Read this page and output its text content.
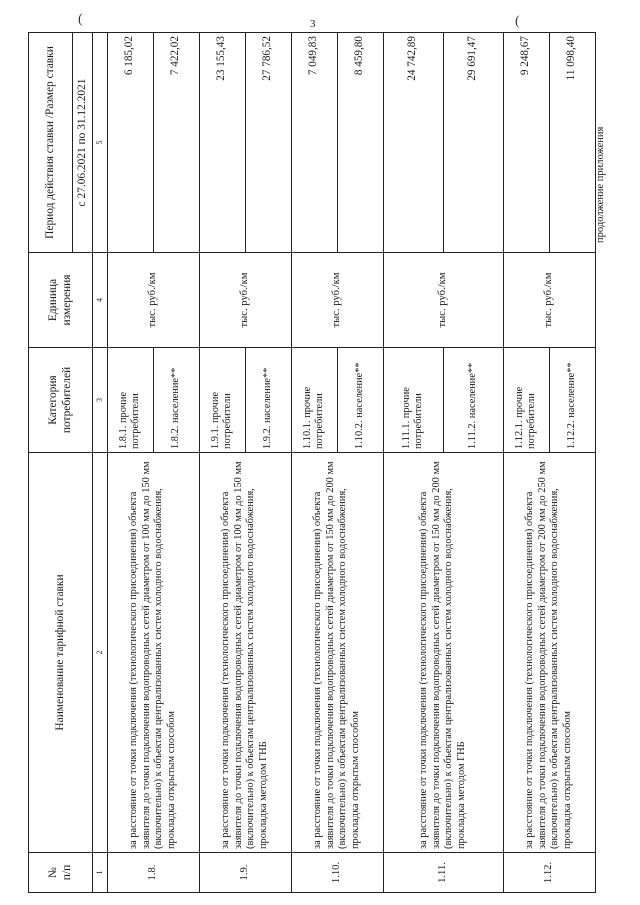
3
(	(
продолжение приложения
№
п/п	Наименование тарифной ставки	Категория потребителей	Единица измерения	Период действия ставки /Размер ставки
				с 27.06.2021 по 31.12.2021
1	2	3	4	5
1.8.	за расстояние от точки подключения (технологического присоединения) объекта заявителя до точки подключения водопроводных сетей диаметром от 100 мм до 150 мм (включительно) к объектам централизованных систем холодного водоснабжения, прокладка открытым способом	1.8.1. прочие потребители	тыс. руб./км	6 185,02
		1.8.2. население**		7 422,02
1.9.	за расстояние от точки подключения (технологического присоединения) объекта заявителя до точки подключения водопроводных сетей диаметром от 100 мм до 150 мм (включительно) к объектам централизованных систем холодного водоснабжения, прокладка методом ГНБ	1.9.1. прочие потребители	тыс. руб./км	23 155,43
		1.9.2. население**		27 786,52
1.10.	за расстояние от точки подключения (технологического присоединения) объекта заявителя до точки подключения водопроводных сетей диаметром от 150 мм до 200 мм (включительно) к объектам централизованных систем холодного водоснабжения, прокладка открытым способом	1.10.1. прочие потребители	тыс. руб./км	7 049,83
		1.10.2. население**		8 459,80
1.11.	за расстояние от точки подключения (технологического присоединения) объекта заявителя до точки подключения водопроводных сетей диаметром от 150 мм до 200 мм (включительно) к объектам централизованных систем холодного водоснабжения, прокладка методом ГНБ	1.11.1. прочие потребители	тыс. руб./км	24 742,89
		1.11.2. население**		29 691,47
1.12.	за расстояние от точки подключения (технологического присоединения) объекта заявителя до точки подключения водопроводных сетей диаметром от 200 мм до 250 мм (включительно) к объектам централизованных систем холодного водоснабжения, прокладка открытым способом	1.12.1. прочие потребители	тыс. руб./км	9 248,67
		1.12.2. население**		11 098,40
